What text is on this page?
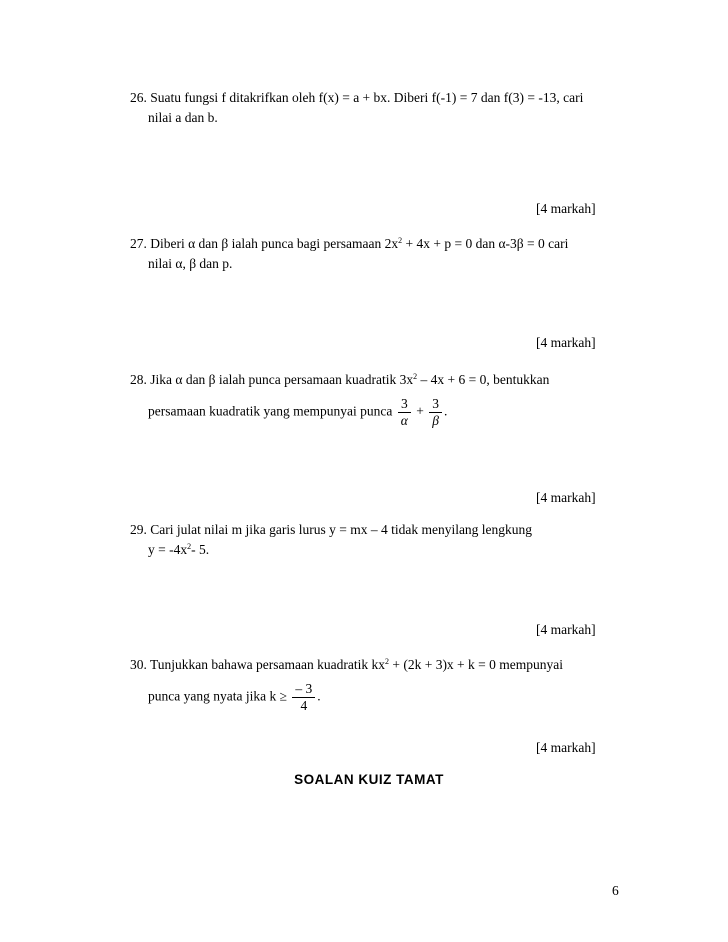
26. Suatu fungsi f ditakrifkan oleh f(x) = a + bx. Diberi f(-1) = 7 dan f(3) = -13, cari
nilai a dan b.
[4 markah]
27. Diberi α dan β ialah punca bagi persamaan $2x^2 + 4x + p = 0$ dan α-3β = 0 cari
nilai α, β dan p.
[4 markah]
28. Jika α dan β ialah punca persamaan kuadratik $3x^2 - 4x + 6 = 0$, bentukkan
persamaan kuadratik yang mempunyai punca $\frac{3}{\alpha} + \frac{3}{\beta}$ .
[4 markah]
29. Cari julat nilai m jika garis lurus y = mx – 4 tidak menyilang lengkung
$y = -4x^2-$ 5.
[4 markah]
30. Tunjukkan bahawa persamaan kuadratik $kx^2 + (2k + 3)x + k = 0$ mempunyai
punca yang nyata jika $k \ge \frac{- 3}{4}$ .
[4 markah]
SOALAN KUIZ TAMAT
6
